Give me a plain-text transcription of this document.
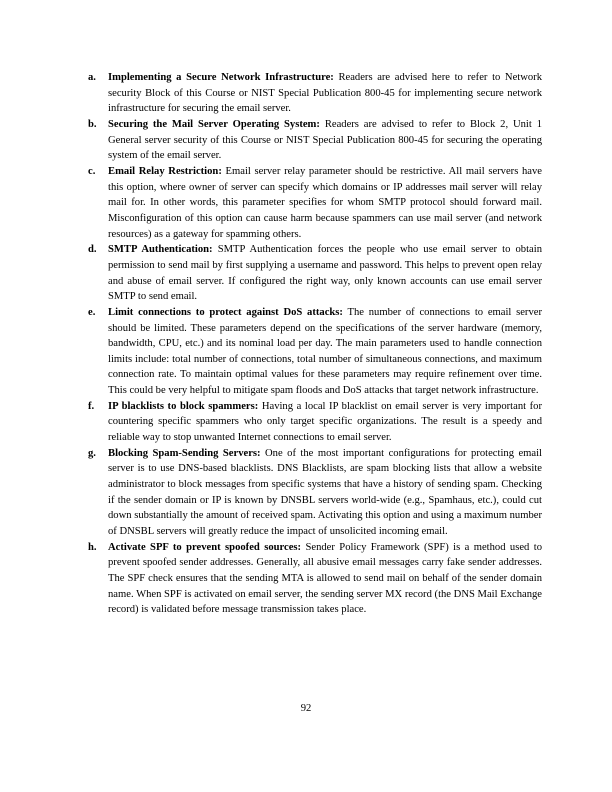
a. Implementing a Secure Network Infrastructure: Readers are advised here to refer to Network security Block of this Course or NIST Special Publication 800-45 for implementing secure network infrastructure for securing the email server.

b. Securing the Mail Server Operating System: Readers are advised to refer to Block 2, Unit 1 General server security of this Course or NIST Special Publication 800-45 for securing the operating system of the email server.

c. Email Relay Restriction: Email server relay parameter should be restrictive. All mail servers have this option, where owner of server can specify which domains or IP addresses mail server will relay mail for. In other words, this parameter specifies for whom SMTP protocol should forward mail. Misconfiguration of this option can cause harm because spammers can use mail server (and network resources) as a gateway for spamming others.

d. SMTP Authentication: SMTP Authentication forces the people who use email server to obtain permission to send mail by first supplying a username and password. This helps to prevent open relay and abuse of email server. If configured the right way, only known accounts can use email server SMTP to send email.

e. Limit connections to protect against DoS attacks: The number of connections to email server should be limited. These parameters depend on the specifications of the server hardware (memory, bandwidth, CPU, etc.) and its nominal load per day. The main parameters used to handle connection limits include: total number of connections, total number of simultaneous connections, and maximum connection rate. To maintain optimal values for these parameters may require refinement over time. This could be very helpful to mitigate spam floods and DoS attacks that target network infrastructure.

f. IP blacklists to block spammers: Having a local IP blacklist on email server is very important for countering specific spammers who only target specific organizations. The result is a speedy and reliable way to stop unwanted Internet connections to email server.

g. Blocking Spam-Sending Servers: One of the most important configurations for protecting email server is to use DNS-based blacklists. DNS Blacklists, are spam blocking lists that allow a website administrator to block messages from specific systems that have a history of sending spam. Checking if the sender domain or IP is known by DNSBL servers world-wide (e.g., Spamhaus, etc.), could cut down substantially the amount of received spam. Activating this option and using a maximum number of DNSBL servers will greatly reduce the impact of unsolicited incoming email.

h. Activate SPF to prevent spoofed sources: Sender Policy Framework (SPF) is a method used to prevent spoofed sender addresses. Generally, all abusive email messages carry fake sender addresses. The SPF check ensures that the sending MTA is allowed to send mail on behalf of the sender domain name. When SPF is activated on email server, the sending server MX record (the DNS Mail Exchange record) is validated before message transmission takes place.

92
